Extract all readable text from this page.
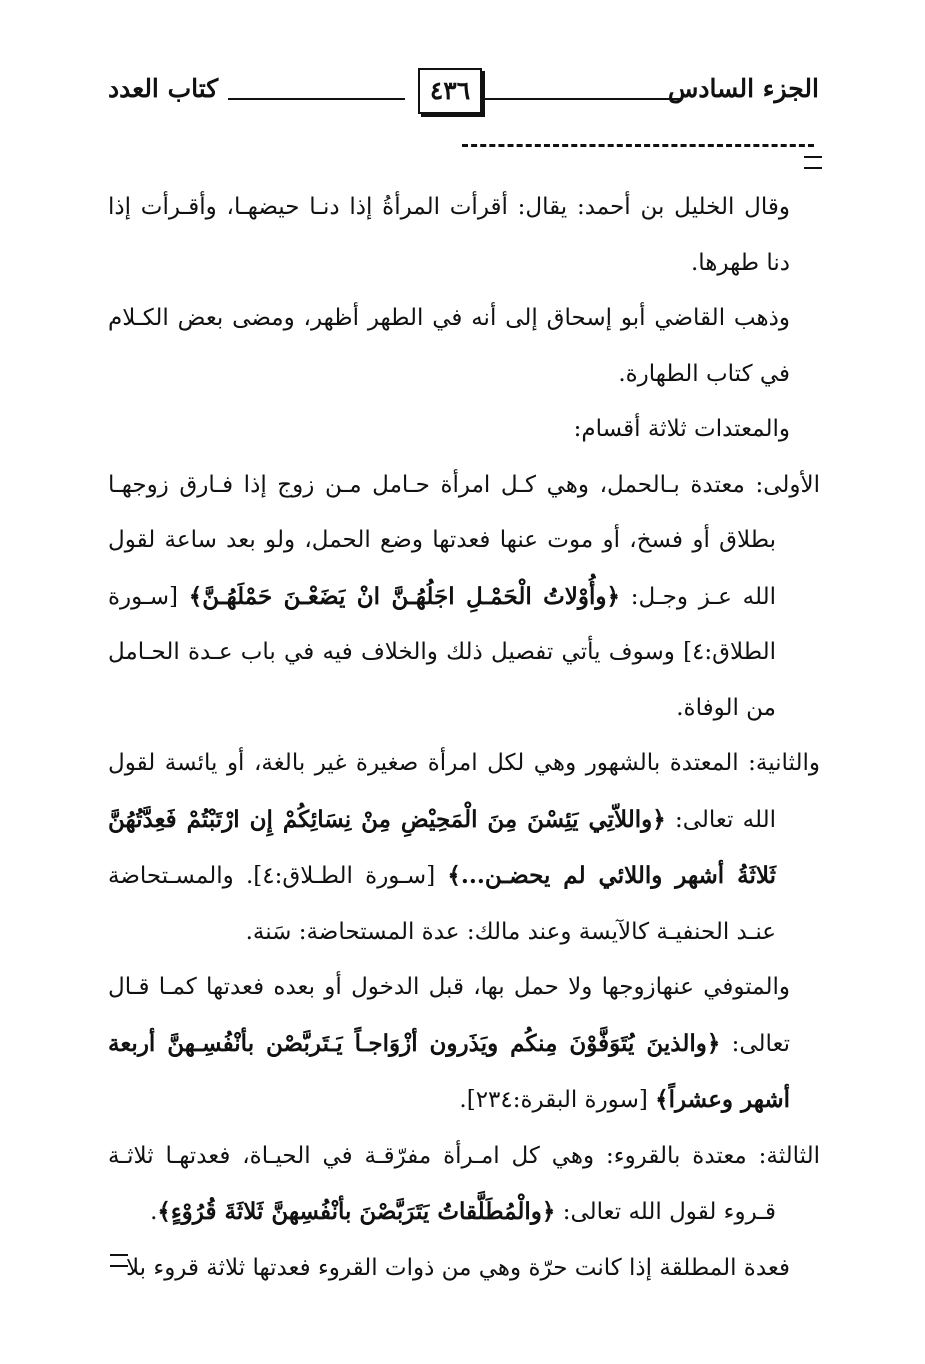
الجزء السادس
٤٣٦
كتاب العدد

وقال الخليل بن أحمد: يقال: أقرأت المرأةُ إذا دنـا حيضهـا، وأقـرأت إذا دنا طهرها.

وذهب القاضي أبو إسحاق إلى أنه في الطهر أظهر، ومضى بعض الكـلام في كتاب الطهارة.

والمعتدات ثلاثة أقسام:

الأولى: معتدة بـالحمل، وهي كـل امرأة حـامل مـن زوج إذا فـارق زوجهـا بطلاق أو فسخ، أو موت عنها فعدتها وضع الحمل، ولو بعد ساعة لقول الله عـز وجـل: ﴿وأُوْلاتُ الْحَمْـلِ اجَلُهُـنَّ انْ يَضَعْـنَ حَمْلَهُـنَّ﴾ [سـورة الطلاق:٤] وسوف يأتي تفصيل ذلك والخلاف فيه في باب عـدة الحـامل من الوفاة.

والثانية: المعتدة بالشهور وهي لكل امرأة صغيرة غير بالغة، أو يائسة لقول الله تعالى: ﴿واللاّتِي يَئِسْنَ مِنَ الْمَحِيْضِ مِنْ نِسَائِكُمْ إِن ارْتَبْتُمْ فَعِدَّتُهُنَّ ثَلاثَةُ أشهر واللائي لم يحضـن...﴾ [سـورة الطـلاق:٤]. والمسـتحاضة عنـد الحنفيـة كالآيسة وعند مالك: عدة المستحاضة: سَنة.

والمتوفي عنهازوجها ولا حمل بها، قبل الدخول أو بعده فعدتها كمـا قـال تعالى: ﴿والذينَ يُتَوَفَّوْنَ مِنكُم ويَذَرون أزْوَاجـاً يَـتَربَّصْن بأنْفُسِـهنَّ أربعة أشهر وعشراً﴾ [سورة البقرة:٢٣٤].

الثالثة: معتدة بالقروء: وهي كل امـرأة مفرّقـة في الحيـاة، فعدتهـا ثلاثـة قـروء لقول الله تعالى: ﴿والْمُطَلَّقاتُ يَتَرَبَّصْنَ بأنْفُسِهنَّ ثَلاثَةَ قُرُوْءٍ﴾.

فعدة المطلقة إذا كانت حرّة وهي من ذوات القروء فعدتها ثلاثة قروء بلا
